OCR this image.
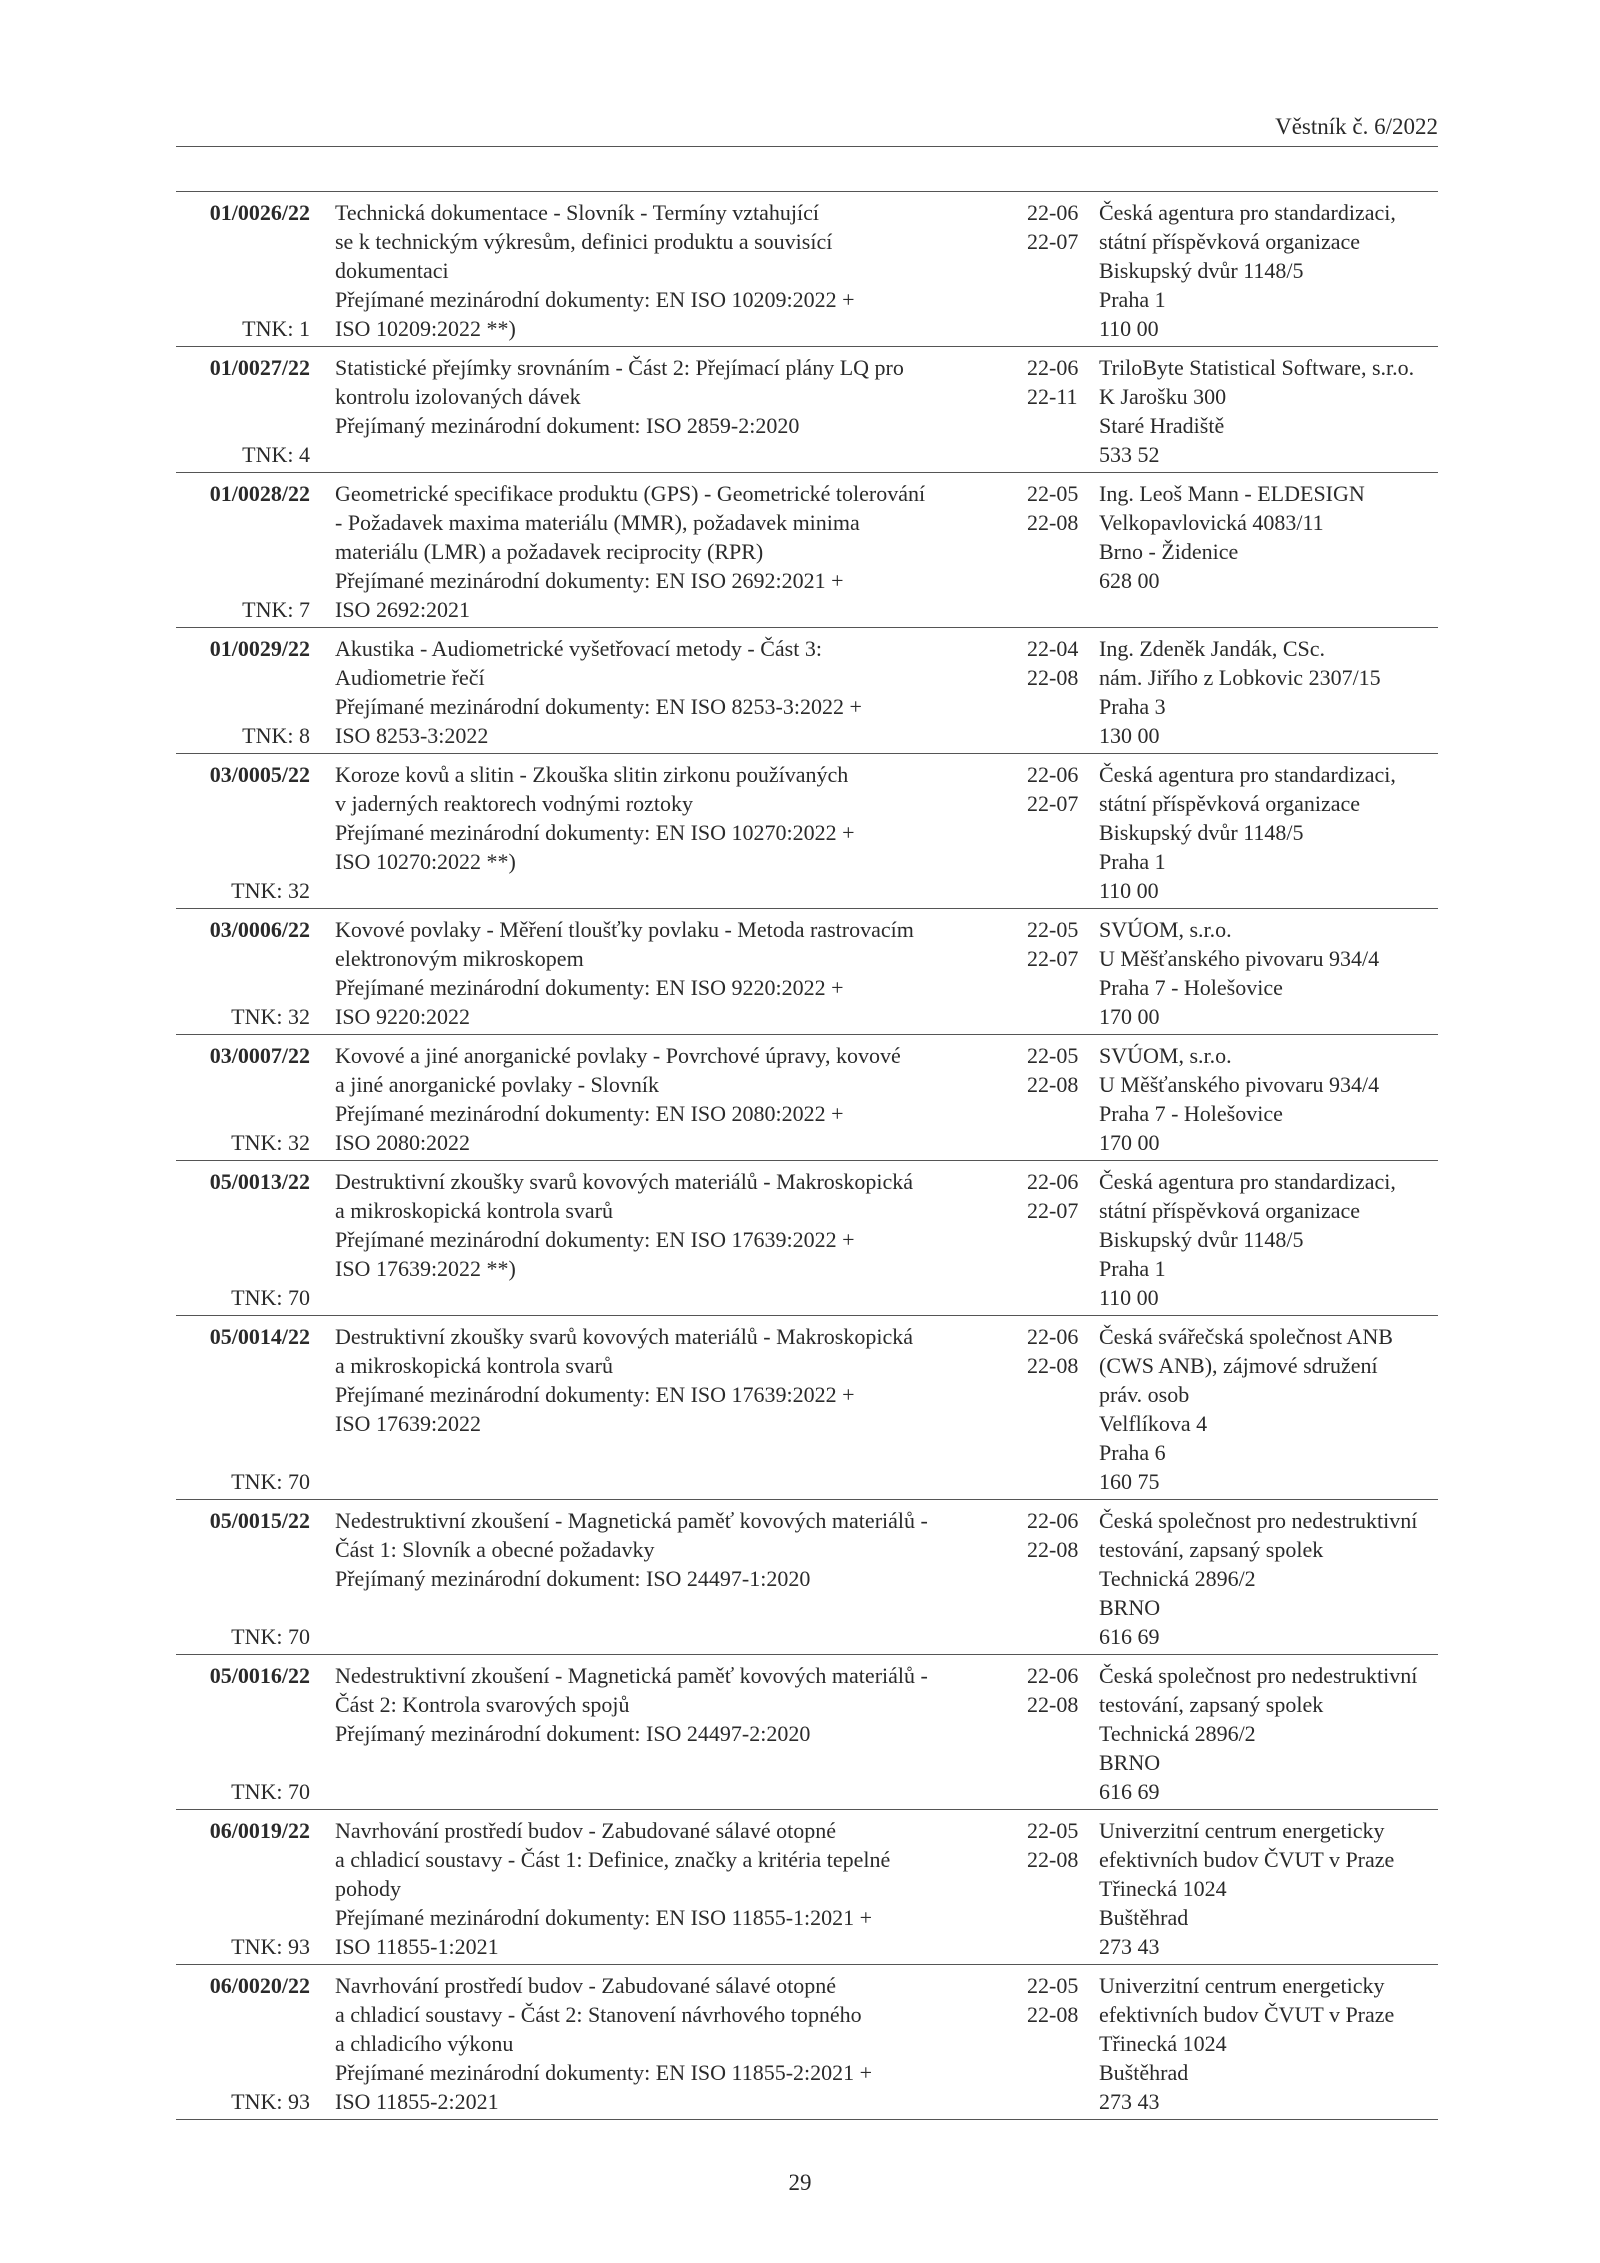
Věstník č. 6/2022
01/0026/22
TNK: 1
Technická dokumentace - Slovník - Termíny vztahující
se k technickým výkresům, definici produktu a souvisící
dokumentaci
Přejímané mezinárodní dokumenty: EN ISO 10209:2022 +
ISO 10209:2022 **)
22-06
22-07
Česká agentura pro standardizaci,
státní příspěvková organizace
Biskupský dvůr 1148/5
Praha 1
110 00
01/0027/22
TNK: 4
Statistické přejímky srovnáním - Část 2: Přejímací plány LQ pro
kontrolu izolovaných dávek
Přejímaný mezinárodní dokument: ISO 2859-2:2020
22-06
22-11
TriloByte Statistical Software, s.r.o.
K Jarošku 300
Staré Hradiště
533 52
01/0028/22
TNK: 7
Geometrické specifikace produktu (GPS) - Geometrické tolerování
- Požadavek maxima materiálu (MMR), požadavek minima
materiálu (LMR) a požadavek reciprocity (RPR)
Přejímané mezinárodní dokumenty: EN ISO 2692:2021 +
ISO 2692:2021
22-05
22-08
Ing. Leoš Mann - ELDESIGN
Velkopavlovická 4083/11
Brno - Židenice
628 00
01/0029/22
TNK: 8
Akustika - Audiometrické vyšetřovací metody - Část 3:
Audiometrie řečí
Přejímané mezinárodní dokumenty: EN ISO 8253-3:2022 +
ISO 8253-3:2022
22-04
22-08
Ing. Zdeněk Jandák, CSc.
nám. Jiřího z Lobkovic 2307/15
Praha 3
130 00
03/0005/22
TNK: 32
Koroze kovů a slitin - Zkouška slitin zirkonu používaných
v jaderných reaktorech vodnými roztoky
Přejímané mezinárodní dokumenty: EN ISO 10270:2022 +
ISO 10270:2022 **)
22-06
22-07
Česká agentura pro standardizaci,
státní příspěvková organizace
Biskupský dvůr 1148/5
Praha 1
110 00
03/0006/22
TNK: 32
Kovové povlaky - Měření tloušťky povlaku - Metoda rastrovacím
elektronovým mikroskopem
Přejímané mezinárodní dokumenty: EN ISO 9220:2022 +
ISO 9220:2022
22-05
22-07
SVÚOM, s.r.o.
U Měšťanského pivovaru 934/4
Praha 7 - Holešovice
170 00
03/0007/22
TNK: 32
Kovové a jiné anorganické povlaky - Povrchové úpravy, kovové
a jiné anorganické povlaky - Slovník
Přejímané mezinárodní dokumenty: EN ISO 2080:2022 +
ISO 2080:2022
22-05
22-08
SVÚOM, s.r.o.
U Měšťanského pivovaru 934/4
Praha 7 - Holešovice
170 00
05/0013/22
TNK: 70
Destruktivní zkoušky svarů kovových materiálů - Makroskopická
a mikroskopická kontrola svarů
Přejímané mezinárodní dokumenty: EN ISO 17639:2022 +
ISO 17639:2022 **)
22-06
22-07
Česká agentura pro standardizaci,
státní příspěvková organizace
Biskupský dvůr 1148/5
Praha 1
110 00
05/0014/22
TNK: 70
Destruktivní zkoušky svarů kovových materiálů - Makroskopická
a mikroskopická kontrola svarů
Přejímané mezinárodní dokumenty: EN ISO 17639:2022 +
ISO 17639:2022
22-06
22-08
Česká svářečská společnost ANB
(CWS ANB), zájmové sdružení
práv. osob
Velflíkova 4
Praha 6
160 75
05/0015/22
TNK: 70
Nedestruktivní zkoušení - Magnetická paměť kovových materiálů -
Část 1: Slovník a obecné požadavky
Přejímaný mezinárodní dokument: ISO 24497-1:2020
22-06
22-08
Česká společnost pro nedestruktivní
testování, zapsaný spolek
Technická 2896/2
BRNO
616 69
05/0016/22
TNK: 70
Nedestruktivní zkoušení - Magnetická paměť kovových materiálů -
Část 2: Kontrola svarových spojů
Přejímaný mezinárodní dokument: ISO 24497-2:2020
22-06
22-08
Česká společnost pro nedestruktivní
testování, zapsaný spolek
Technická 2896/2
BRNO
616 69
06/0019/22
TNK: 93
Navrhování prostředí budov - Zabudované sálavé otopné
a chladicí soustavy - Část 1: Definice, značky a kritéria tepelné
pohody
Přejímané mezinárodní dokumenty: EN ISO 11855-1:2021 +
ISO 11855-1:2021
22-05
22-08
Univerzitní centrum energeticky
efektivních budov ČVUT v Praze
Třinecká 1024
Buštěhrad
273 43
06/0020/22
TNK: 93
Navrhování prostředí budov - Zabudované sálavé otopné
a chladicí soustavy - Část 2: Stanovení návrhového topného
a chladicího výkonu
Přejímané mezinárodní dokumenty: EN ISO 11855-2:2021 +
ISO 11855-2:2021
22-05
22-08
Univerzitní centrum energeticky
efektivních budov ČVUT v Praze
Třinecká 1024
Buštěhrad
273 43
29
